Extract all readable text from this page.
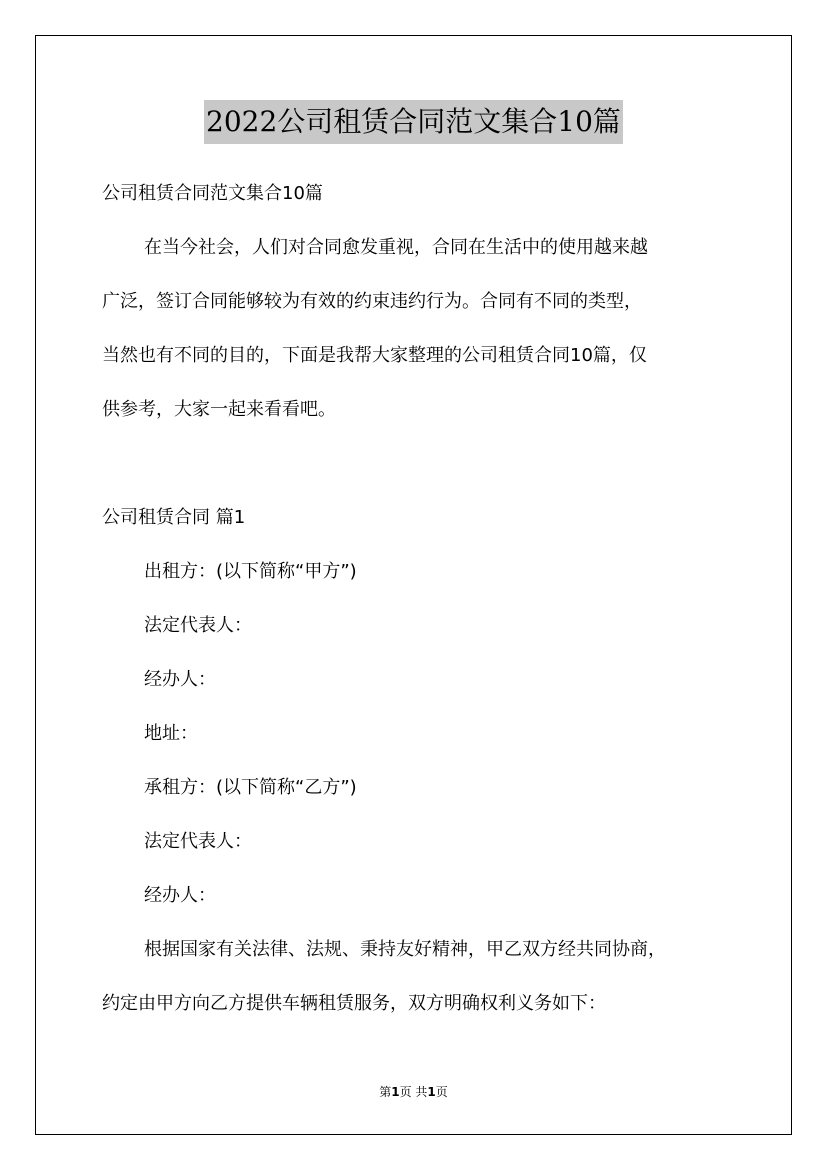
2022公司租赁合同范文集合10篇
公司租赁合同范文集合10篇
在当今社会，人们对合同愈发重视，合同在生活中的使用越来越
广泛，签订合同能够较为有效的约束违约行为。合同有不同的类型，
当然也有不同的目的，下面是我帮大家整理的公司租赁合同10篇，仅
供参考，大家一起来看看吧。
公司租赁合同 篇1
出租方：(以下简称“甲方”)
法定代表人：
经办人：
地址：
承租方：(以下简称“乙方”)
法定代表人：
经办人：
根据国家有关法律、法规、秉持友好精神，甲乙双方经共同协商，
约定由甲方向乙方提供车辆租赁服务，双方明确权利义务如下：
第1页 共1页
